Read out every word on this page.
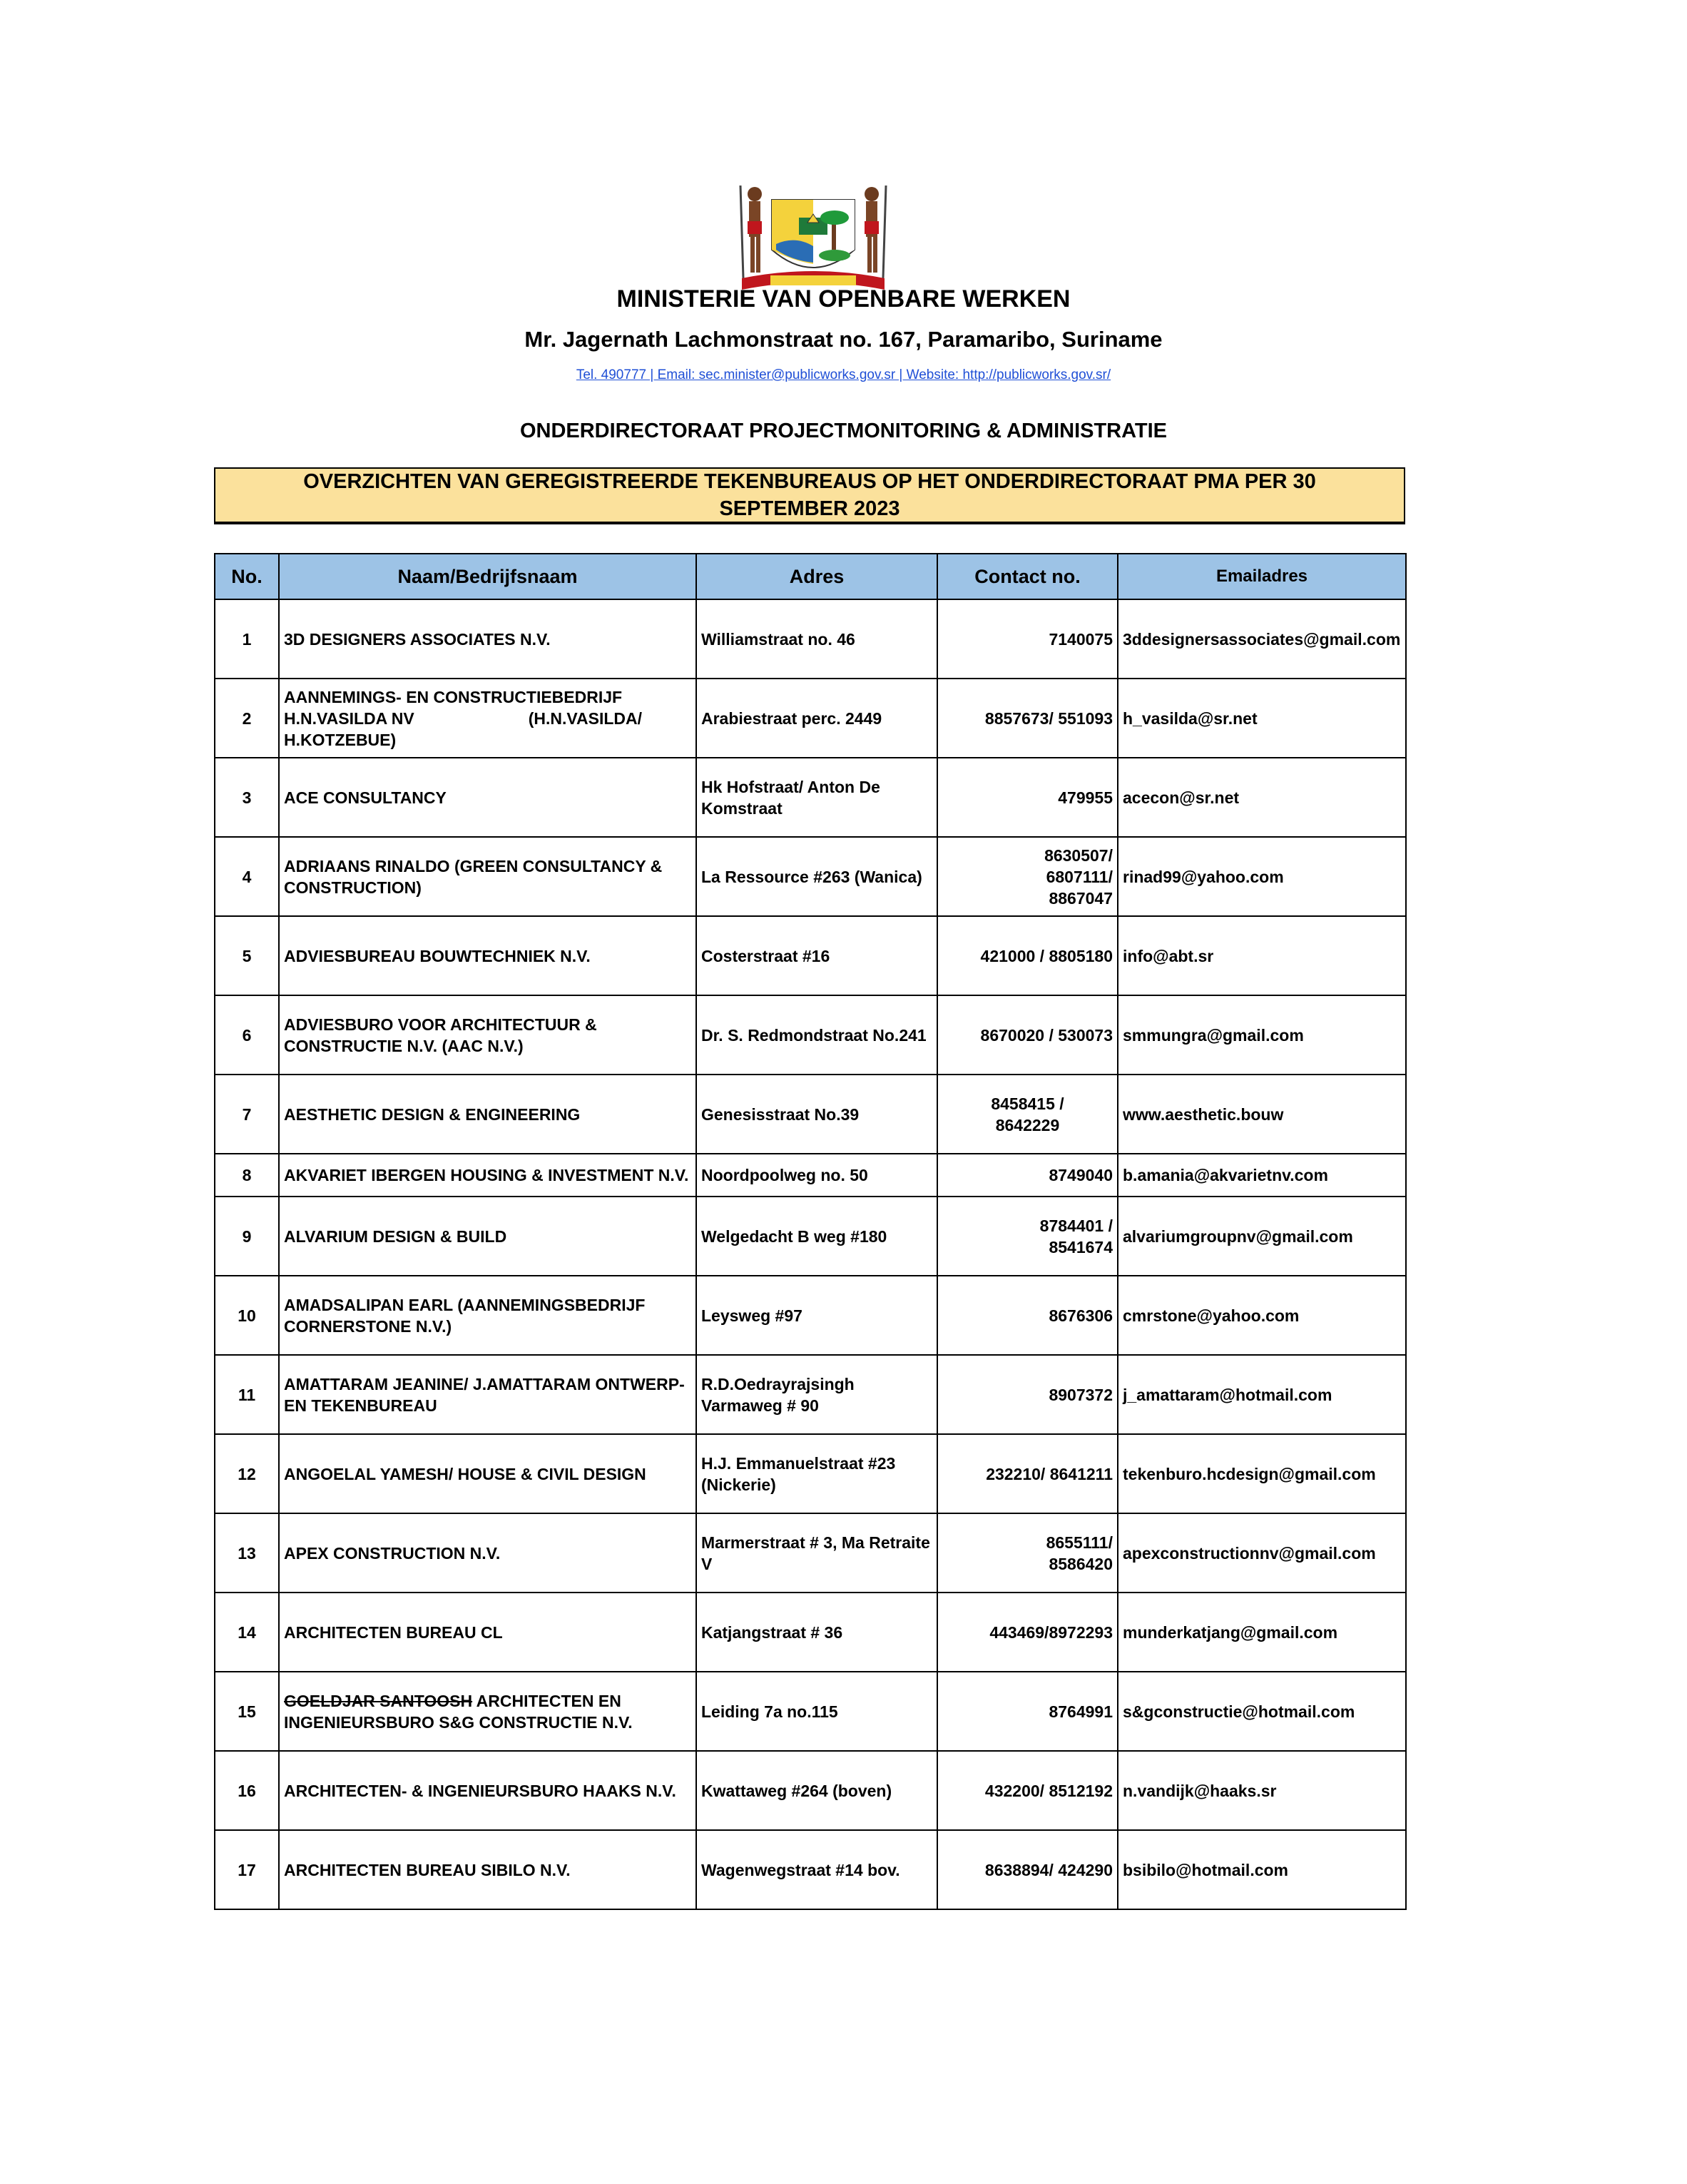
MINISTERIE VAN OPENBARE WERKEN
Mr. Jagernath Lachmonstraat no. 167, Paramaribo, Suriname
Tel. 490777 | Email: sec.minister@publicworks.gov.sr | Website: http://publicworks.gov.sr/
ONDERDIRECTORAAT PROJECTMONITORING & ADMINISTRATIE
OVERZICHTEN VAN GEREGISTREERDE TEKENBUREAUS OP HET ONDERDIRECTORAAT PMA PER 30
SEPTEMBER 2023
No.	Naam/Bedrijfsnaam	Adres	Contact no.	Emailadres
1	3D DESIGNERS ASSOCIATES N.V.	Williamstraat no. 46	7140075	3ddesignersassociates@gmail.com
2	AANNEMINGS- EN CONSTRUCTIEBEDRIJF
H.N.VASILDA NV (H.N.VASILDA/
H.KOTZEBUE)	Arabiestraat perc. 2449	8857673/ 551093	h_vasilda@sr.net
3	ACE CONSULTANCY	Hk Hofstraat/ Anton De Komstraat	479955	acecon@sr.net
4	ADRIAANS RINALDO (GREEN CONSULTANCY & CONSTRUCTION)	La Ressource #263 (Wanica)	8630507/
6807111/
8867047	rinad99@yahoo.com
5	ADVIESBUREAU BOUWTECHNIEK N.V.	Costerstraat #16	421000 / 8805180	info@abt.sr
6	ADVIESBURO VOOR ARCHITECTUUR & CONSTRUCTIE N.V. (AAC N.V.)	Dr. S. Redmondstraat No.241	8670020 / 530073	smmungra@gmail.com
7	AESTHETIC DESIGN & ENGINEERING	Genesisstraat No.39	8458415 /
8642229	www.aesthetic.bouw
8	AKVARIET IBERGEN HOUSING & INVESTMENT N.V.	Noordpoolweg no. 50	8749040	b.amania@akvarietnv.com
9	ALVARIUM DESIGN & BUILD	Welgedacht B weg #180	8784401 /
8541674	alvariumgroupnv@gmail.com
10	AMADSALIPAN EARL (AANNEMINGSBEDRIJF CORNERSTONE N.V.)	Leysweg #97	8676306	cmrstone@yahoo.com
11	AMATTARAM JEANINE/ J.AMATTARAM ONTWERP-EN TEKENBUREAU	R.D.Oedrayrajsingh Varmaweg # 90	8907372	j_amattaram@hotmail.com
12	ANGOELAL YAMESH/ HOUSE & CIVIL DESIGN	H.J. Emmanuelstraat #23 (Nickerie)	232210/ 8641211	tekenburo.hcdesign@gmail.com
13	APEX CONSTRUCTION N.V.	Marmerstraat # 3, Ma Retraite V	8655111/
8586420	apexconstructionnv@gmail.com
14	ARCHITECTEN BUREAU CL	Katjangstraat # 36	443469/8972293	munderkatjang@gmail.com
15	GOELDJAR SANTOOSH ARCHITECTEN EN INGENIEURSBURO S&G CONSTRUCTIE N.V.	Leiding 7a no.115	8764991	s&gconstructie@hotmail.com
16	ARCHITECTEN- & INGENIEURSBURO HAAKS N.V.	Kwattaweg #264 (boven)	432200/ 8512192	n.vandijk@haaks.sr
17	ARCHITECTEN BUREAU SIBILO N.V.	Wagenwegstraat #14 bov.	8638894/ 424290	bsibilo@hotmail.com
